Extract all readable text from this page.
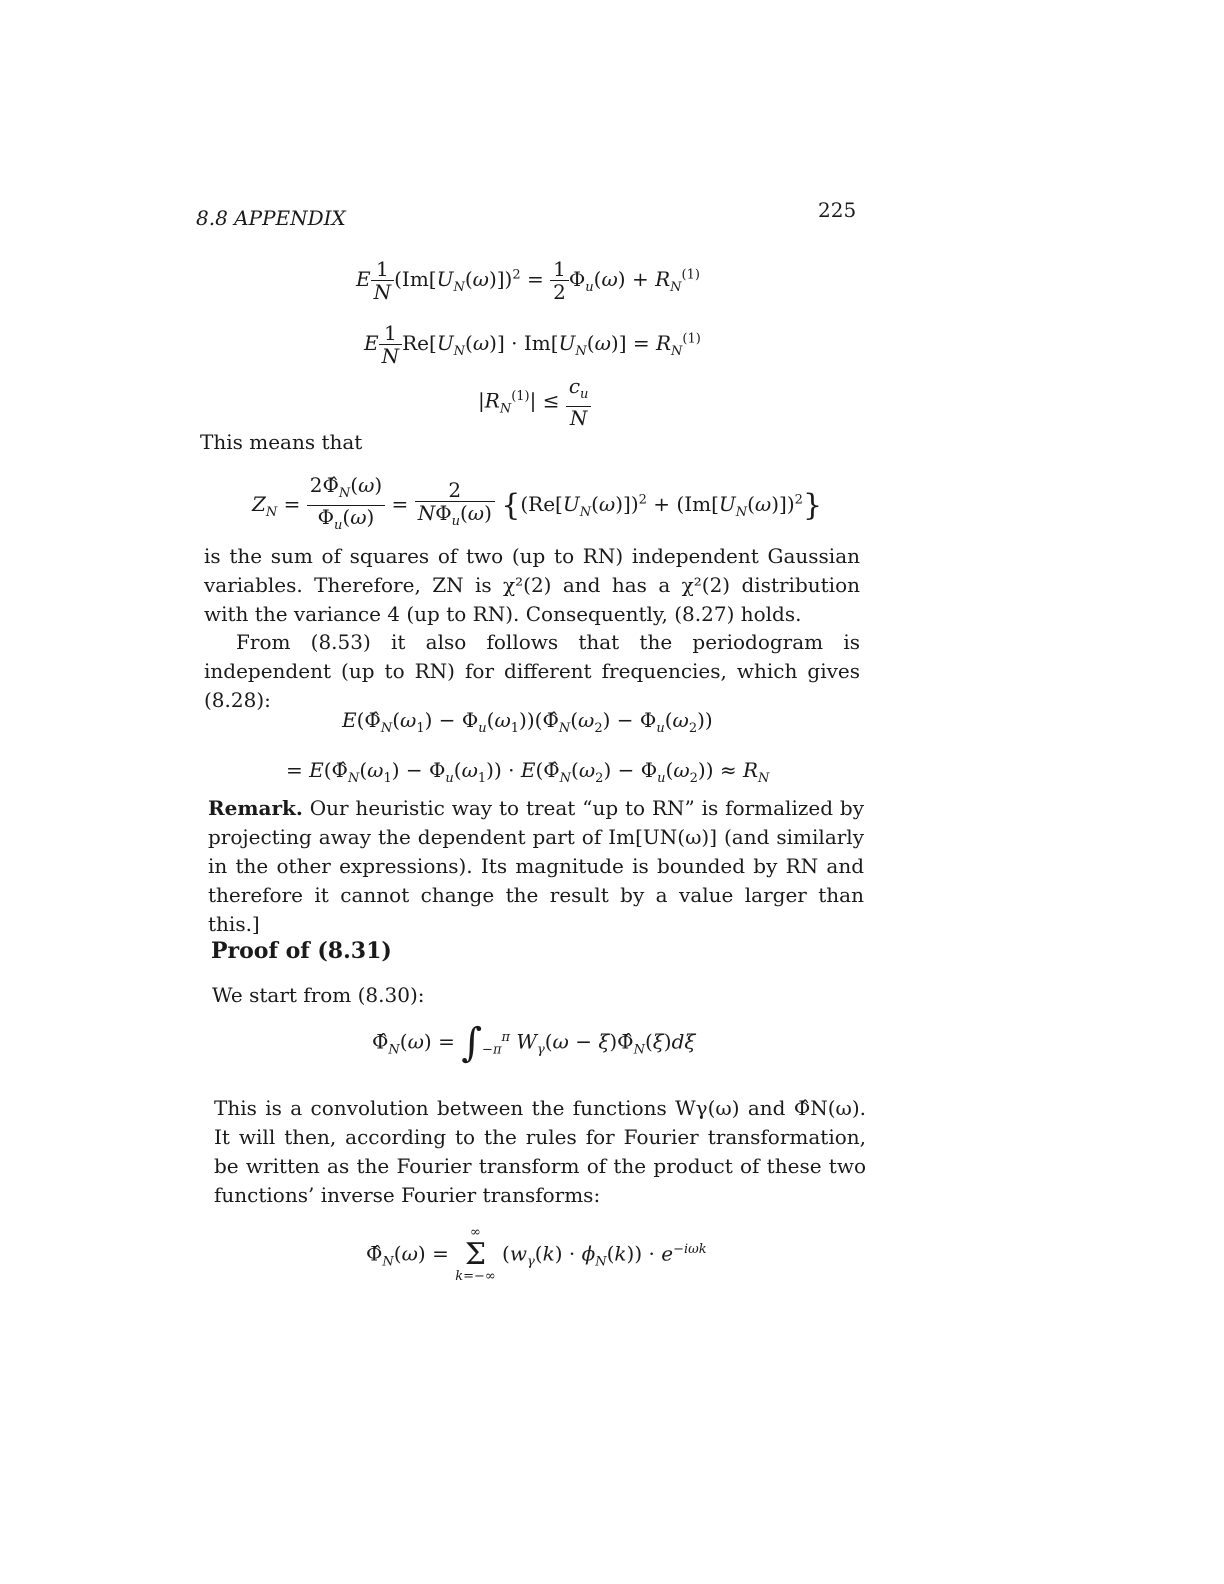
8.8 APPENDIX	225
E $\frac{1}{N} (Im[U_N(\omega)])^2 = \frac{1}{2} \Phi_u(\omega) + R_N^{(1)}$
E $\frac{1}{N} Re[U_N(\omega)] \cdot Im[U_N(\omega)] = R_N^{(1)}$
$|R_N^{(1)}| \le \frac{c_u}{N}$
This means that
$Z_N = \frac{2\Phî_N(\omega)}{\Phi_u(\omega)} = \frac{2}{N\Phi_u(\omega)} \{(Re[U_N(\omega)])^2 + (Im[U_N(\omega)])^2\}$

is the sum of squares of two (up to RN) independent Gaussian variables. Therefore, ZN is χ²(2) and has a χ²(2) distribution with the variance 4 (up to RN). Consequently, (8.27) holds.

From (8.53) it also follows that the periodogram is independent (up to RN) for different frequencies, which gives (8.28):

$E(\Phî_N(\omega_1)$ − $\Phi_u(\omega_1))(\Phî_N(\omega_2) - \Phi_u(\omega_2))$
= $E(\Phî_N(\omega_1) - \Phi_u(\omega_1))$ · $E(\Phî_N(\omega_2) - \Phi_u(\omega_2)) \approx R_N$

Remark. Our heuristic way to treat “up to RN” is formalized by projecting away the dependent part of Im[UN(ω)] (and similarly in the other expressions). Its magnitude is bounded by RN and therefore it cannot change the result by a value larger than this.]

Proof of (8.31)
We start from (8.30):
$\Phî_N(\omega) = \int_{-\pi}^\pi$ $W_\gamma(\omega$ − $\xi)\Phî_N(\xi)d\xi$

This is a convolution between the functions Wγ(ω) and Φ̂N(ω). It will then, according to the rules for Fourier transformation, be written as the Fourier transform of the product of these two functions’ inverse Fourier transforms:

$\Phî_N(\omega)$ =
∞
Σ
k=−∞
$(w_\gamma(k) \cdot \phi_N(k)) \cdot e^{-i\omega k}$
